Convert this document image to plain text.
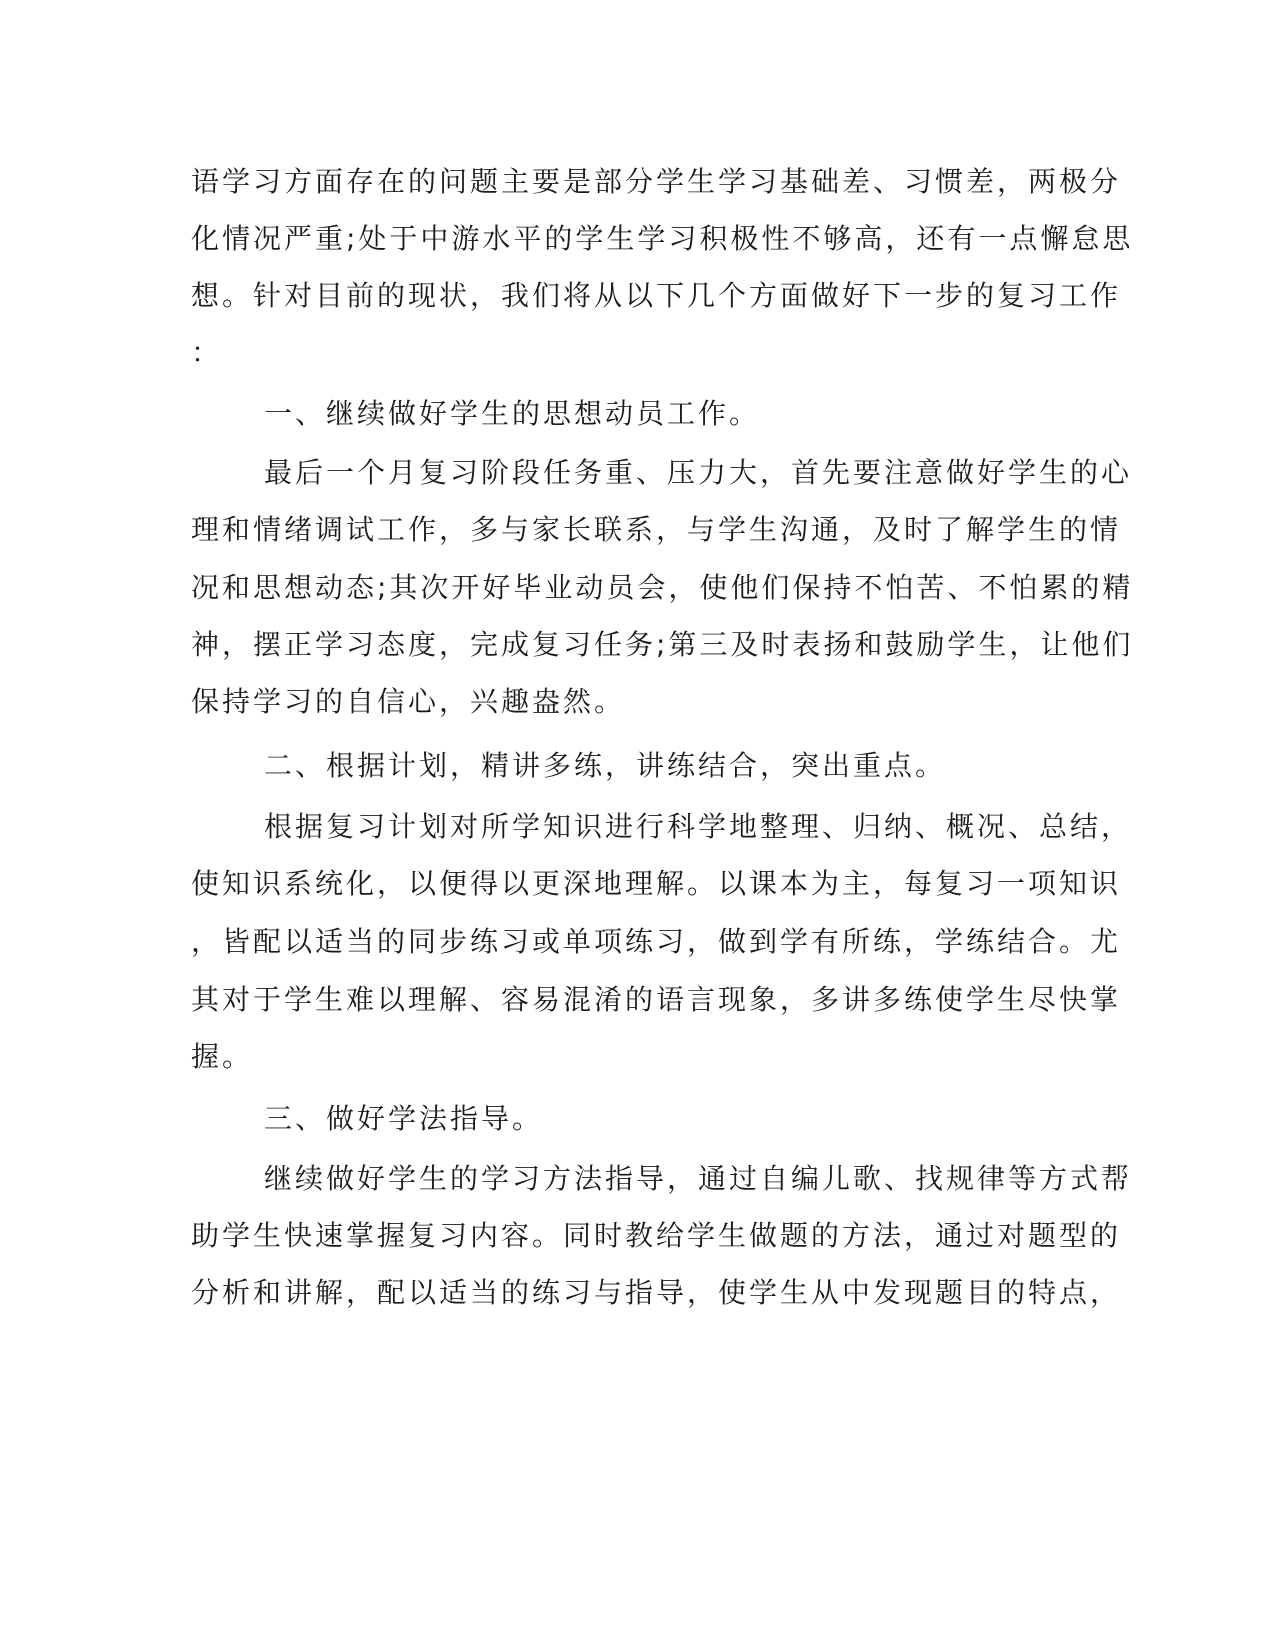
语学习方面存在的问题主要是部分学生学习基础差、习惯差，两极分
化情况严重;处于中游水平的学生学习积极性不够高，还有一点懈怠思
想。针对目前的现状，我们将从以下几个方面做好下一步的复习工作
：
一、继续做好学生的思想动员工作。
最后一个月复习阶段任务重、压力大，首先要注意做好学生的心
理和情绪调试工作，多与家长联系，与学生沟通，及时了解学生的情
况和思想动态;其次开好毕业动员会，使他们保持不怕苦、不怕累的精
神，摆正学习态度，完成复习任务;第三及时表扬和鼓励学生，让他们
保持学习的自信心，兴趣盎然。
二、根据计划，精讲多练，讲练结合，突出重点。
根据复习计划对所学知识进行科学地整理、归纳、概况、总结，
使知识系统化，以便得以更深地理解。以课本为主，每复习一项知识
，皆配以适当的同步练习或单项练习，做到学有所练，学练结合。尤
其对于学生难以理解、容易混淆的语言现象，多讲多练使学生尽快掌
握。
三、做好学法指导。
继续做好学生的学习方法指导，通过自编儿歌、找规律等方式帮
助学生快速掌握复习内容。同时教给学生做题的方法，通过对题型的
分析和讲解，配以适当的练习与指导，使学生从中发现题目的特点，
